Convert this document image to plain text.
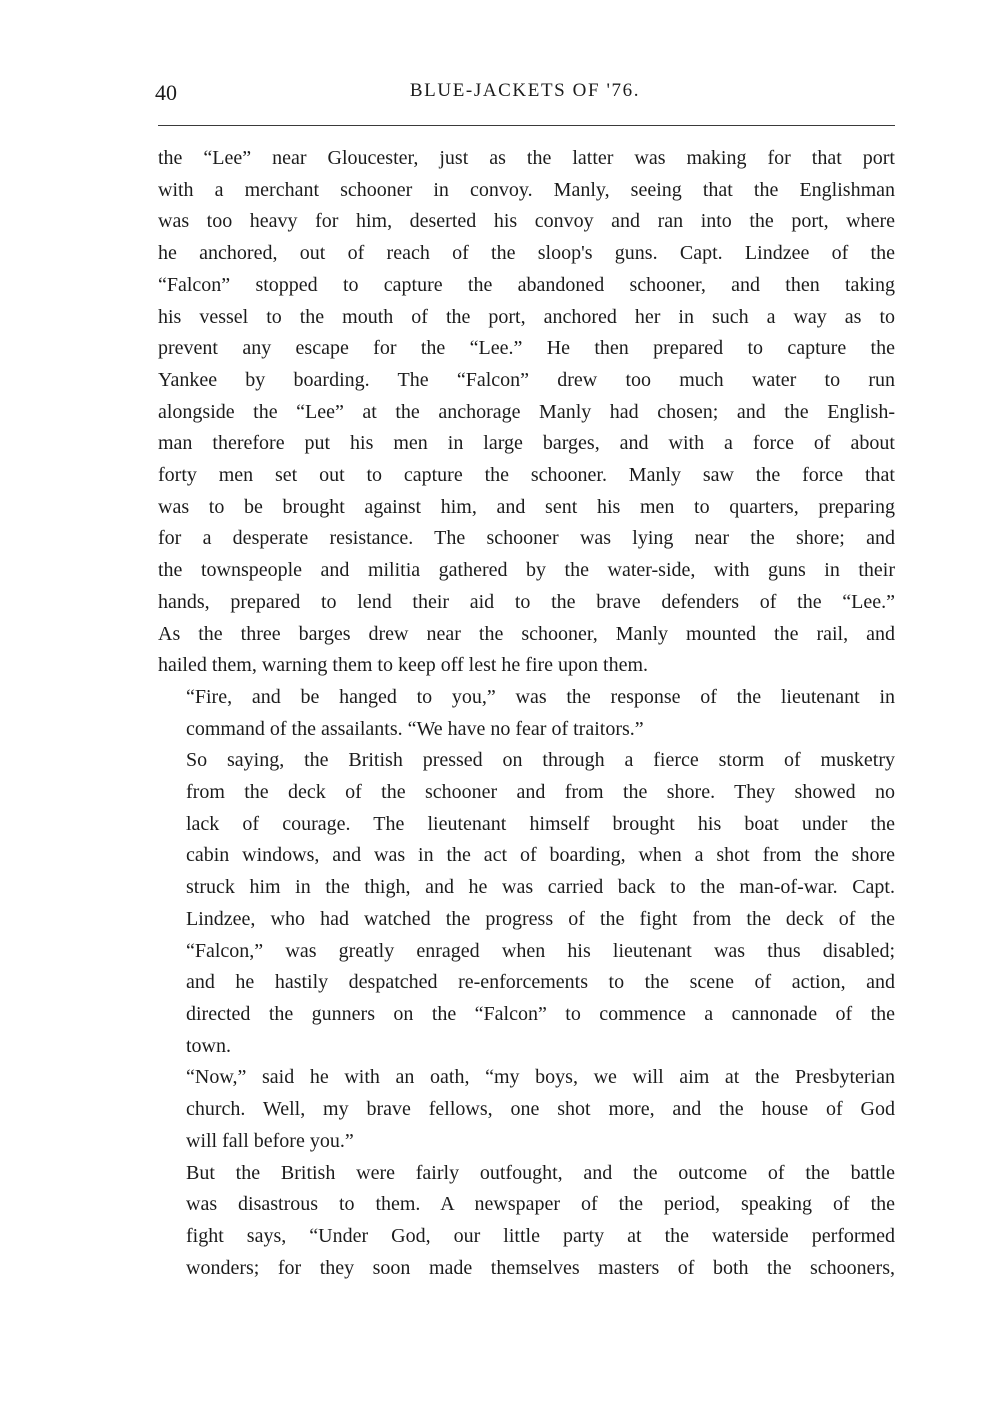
40	BLUE-JACKETS OF '76.

the “Lee” near Gloucester, just as the latter was making for that port
with a merchant schooner in convoy. Manly, seeing that the Englishman
was too heavy for him, deserted his convoy and ran into the port, where
he anchored, out of reach of the sloop's guns. Capt. Lindzee of the
“Falcon” stopped to capture the abandoned schooner, and then taking
his vessel to the mouth of the port, anchored her in such a way as to
prevent any escape for the “Lee.” He then prepared to capture the
Yankee by boarding. The “Falcon” drew too much water to run
alongside the “Lee” at the anchorage Manly had chosen; and the English-
man therefore put his men in large barges, and with a force of about
forty men set out to capture the schooner. Manly saw the force that
was to be brought against him, and sent his men to quarters, preparing
for a desperate resistance. The schooner was lying near the shore; and
the townspeople and militia gathered by the water-side, with guns in their
hands, prepared to lend their aid to the brave defenders of the “Lee.”
As the three barges drew near the schooner, Manly mounted the rail, and
hailed them, warning them to keep off lest he fire upon them.

“Fire, and be hanged to you,” was the response of the lieutenant in
command of the assailants. “We have no fear of traitors.”

So saying, the British pressed on through a fierce storm of musketry
from the deck of the schooner and from the shore. They showed no
lack of courage. The lieutenant himself brought his boat under the
cabin windows, and was in the act of boarding, when a shot from the shore
struck him in the thigh, and he was carried back to the man-of-war. Capt.
Lindzee, who had watched the progress of the fight from the deck of the
“Falcon,” was greatly enraged when his lieutenant was thus disabled;
and he hastily despatched re-enforcements to the scene of action, and
directed the gunners on the “Falcon” to commence a cannonade of the
town.

“Now,” said he with an oath, “my boys, we will aim at the Presbyterian
church. Well, my brave fellows, one shot more, and the house of God
will fall before you.”

But the British were fairly outfought, and the outcome of the battle
was disastrous to them. A newspaper of the period, speaking of the
fight says, “Under God, our little party at the waterside performed
wonders; for they soon made themselves masters of both the schooners,
